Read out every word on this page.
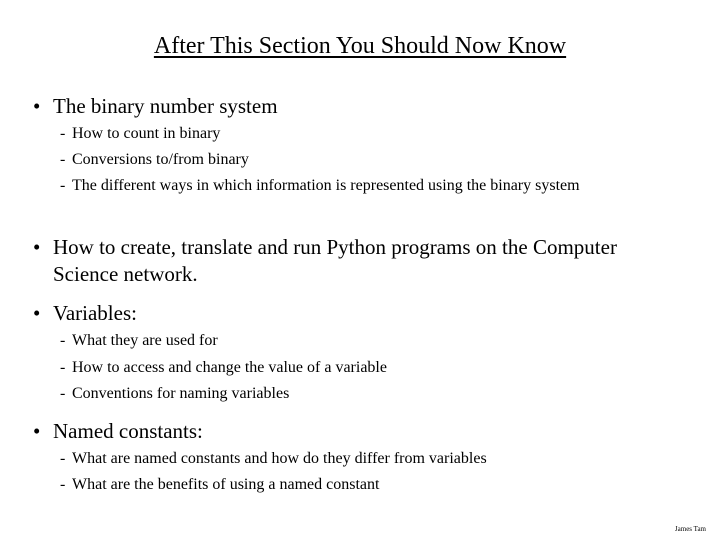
After This Section You Should Now Know
• The binary number system
- How to count in binary
- Conversions to/from binary
- The different ways in which information is represented using the binary system
• How to create, translate and run Python programs on the Computer Science network.
• Variables:
- What they are used for
- How to access and change the value of a variable
- Conventions for naming variables
• Named constants:
- What are named constants and how do they differ from variables
- What are the benefits of using a named constant
James Tam
